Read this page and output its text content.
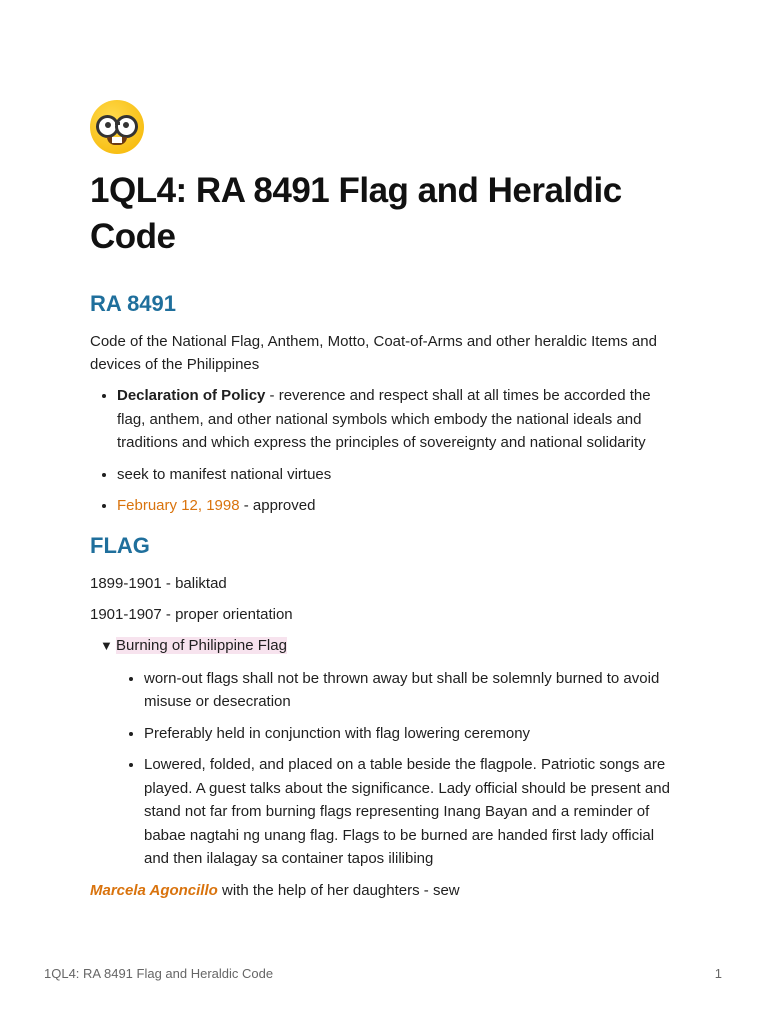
1QL4: RA 8491 Flag and Heraldic Code
RA 8491

Code of the National Flag, Anthem, Motto, Coat-of-Arms and other heraldic Items and devices of the Philippines

• Declaration of Policy - reverence and respect shall at all times be accorded the flag, anthem, and other national symbols which embody the national ideals and traditions and which express the principles of sovereignty and national solidarity
• seek to manifest national virtues
• February 12, 1998 - approved
FLAG

1899-1901 - baliktad

1901-1907 - proper orientation

▼ Burning of Philippine Flag
• worn-out flags shall not be thrown away but shall be solemnly burned to avoid misuse or desecration
• Preferably held in conjunction with flag lowering ceremony
• Lowered, folded, and placed on a table beside the flagpole. Patriotic songs are played. A guest talks about the significance. Lady official should be present and stand not far from burning flags representing Inang Bayan and a reminder of babae nagtahi ng unang flag. Flags to be burned are handed first lady official and then ilalagay sa container tapos ililibing

Marcela Agoncillo with the help of her daughters - sew

1QL4: RA 8491 Flag and Heraldic Code	1
